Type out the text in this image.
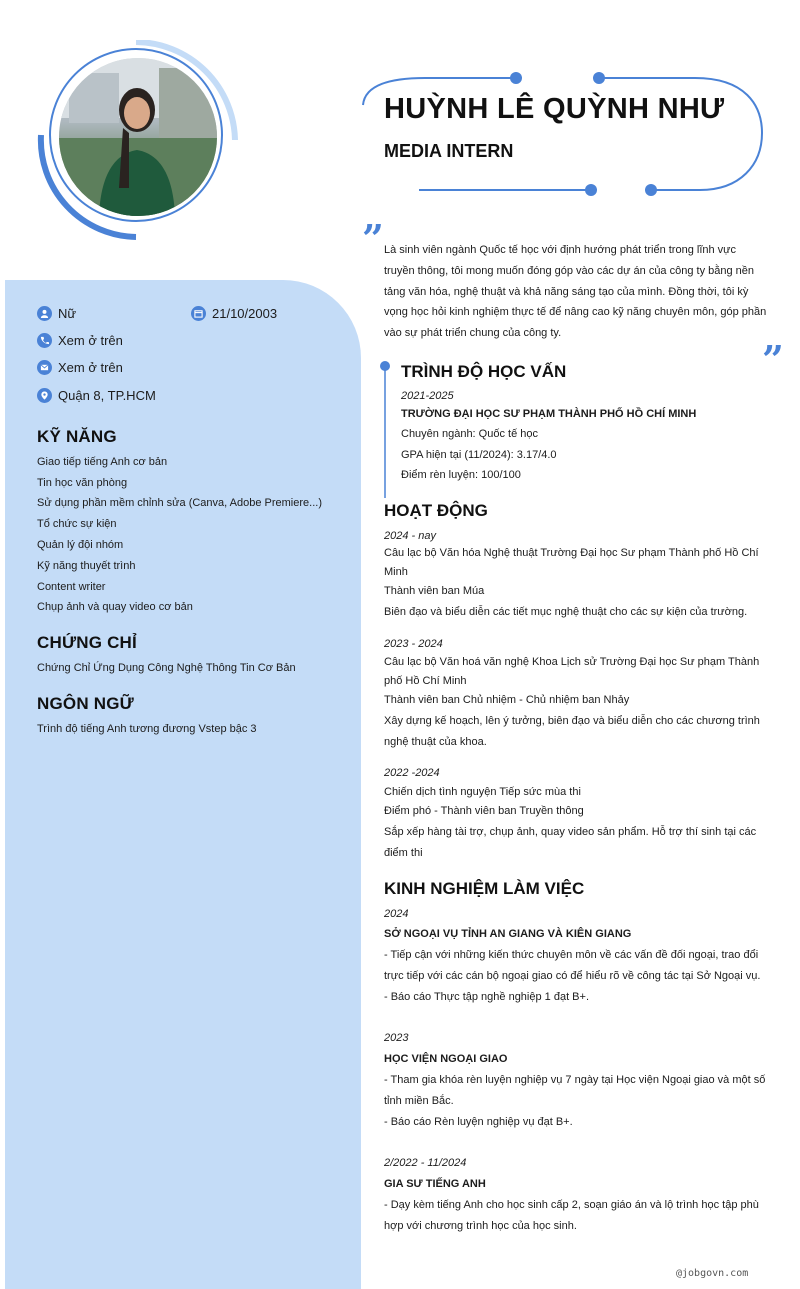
HUỲNH LÊ QUỲNH NHƯ
MEDIA INTERN
” Là sinh viên ngành Quốc tế học với định hướng phát triển trong lĩnh vực truyền thông, tôi mong muốn đóng góp vào các dự án của công ty bằng nền tảng văn hóa, nghệ thuật và khả năng sáng tạo của mình. Đồng thời, tôi kỳ vọng học hỏi kinh nghiệm thực tế để nâng cao kỹ năng chuyên môn, góp phần vào sự phát triển chung của công ty.
”
Nữ	21/10/2003
Xem ở trên
Xem ở trên
Quận 8, TP.HCM
KỸ NĂNG
Giao tiếp tiếng Anh cơ bản
Tin học văn phòng
Sử dụng phần mềm chỉnh sửa (Canva, Adobe Premiere...)
Tổ chức sự kiện
Quản lý đội nhóm
Kỹ năng thuyết trình
Content writer
Chụp ảnh và quay video cơ bản
CHỨNG CHỈ
Chứng Chỉ Ứng Dụng Công Nghệ Thông Tin Cơ Bản
NGÔN NGỮ
Trình độ tiếng Anh tương đương Vstep bậc 3
TRÌNH ĐỘ HỌC VẤN
2021-2025
TRƯỜNG ĐẠI HỌC SƯ PHẠM THÀNH PHỐ HỒ CHÍ MINH
Chuyên ngành: Quốc tế học
GPA hiện tại (11/2024): 3.17/4.0
Điểm rèn luyện: 100/100
HOẠT ĐỘNG
2024 - nay
Câu lạc bộ Văn hóa Nghệ thuật Trường Đại học Sư phạm Thành phố Hồ Chí Minh
Thành viên ban Múa
Biên đạo và biểu diễn các tiết mục nghệ thuật cho các sự kiện của trường.
2023 - 2024
Câu lạc bộ Văn hoá văn nghệ Khoa Lịch sử Trường Đại học Sư phạm Thành phố Hồ Chí Minh
Thành viên ban Chủ nhiệm - Chủ nhiệm ban Nhảy
Xây dựng kế hoạch, lên ý tưởng, biên đạo và biểu diễn cho các chương trình nghệ thuật của khoa.
2022 -2024
Chiến dịch tình nguyện Tiếp sức mùa thi
Điểm phó - Thành viên ban Truyền thông
Sắp xếp hàng tài trợ, chụp ảnh, quay video sản phẩm. Hỗ trợ thí sinh tại các điểm thi
KINH NGHIỆM LÀM VIỆC
2024
SỞ NGOẠI VỤ TỈNH AN GIANG VÀ KIÊN GIANG
- Tiếp cận với những kiến thức chuyên môn về các vấn đề đối ngoại, trao đổi trực tiếp với các cán bộ ngoại giao có để hiểu rõ về công tác tại Sở Ngoại vụ.
- Báo cáo Thực tập nghề nghiệp 1 đạt B+.
2023
HỌC VIỆN NGOẠI GIAO
- Tham gia khóa rèn luyện nghiệp vụ 7 ngày tại Học viện Ngoại giao và một số tỉnh miền Bắc.
- Báo cáo Rèn luyện nghiệp vụ đạt B+.
2/2022 - 11/2024
GIA SƯ TIẾNG ANH
- Dạy kèm tiếng Anh cho học sinh cấp 2, soạn giáo án và lộ trình học tập phù hợp với chương trình học của học sinh.
@jobgovn.com
